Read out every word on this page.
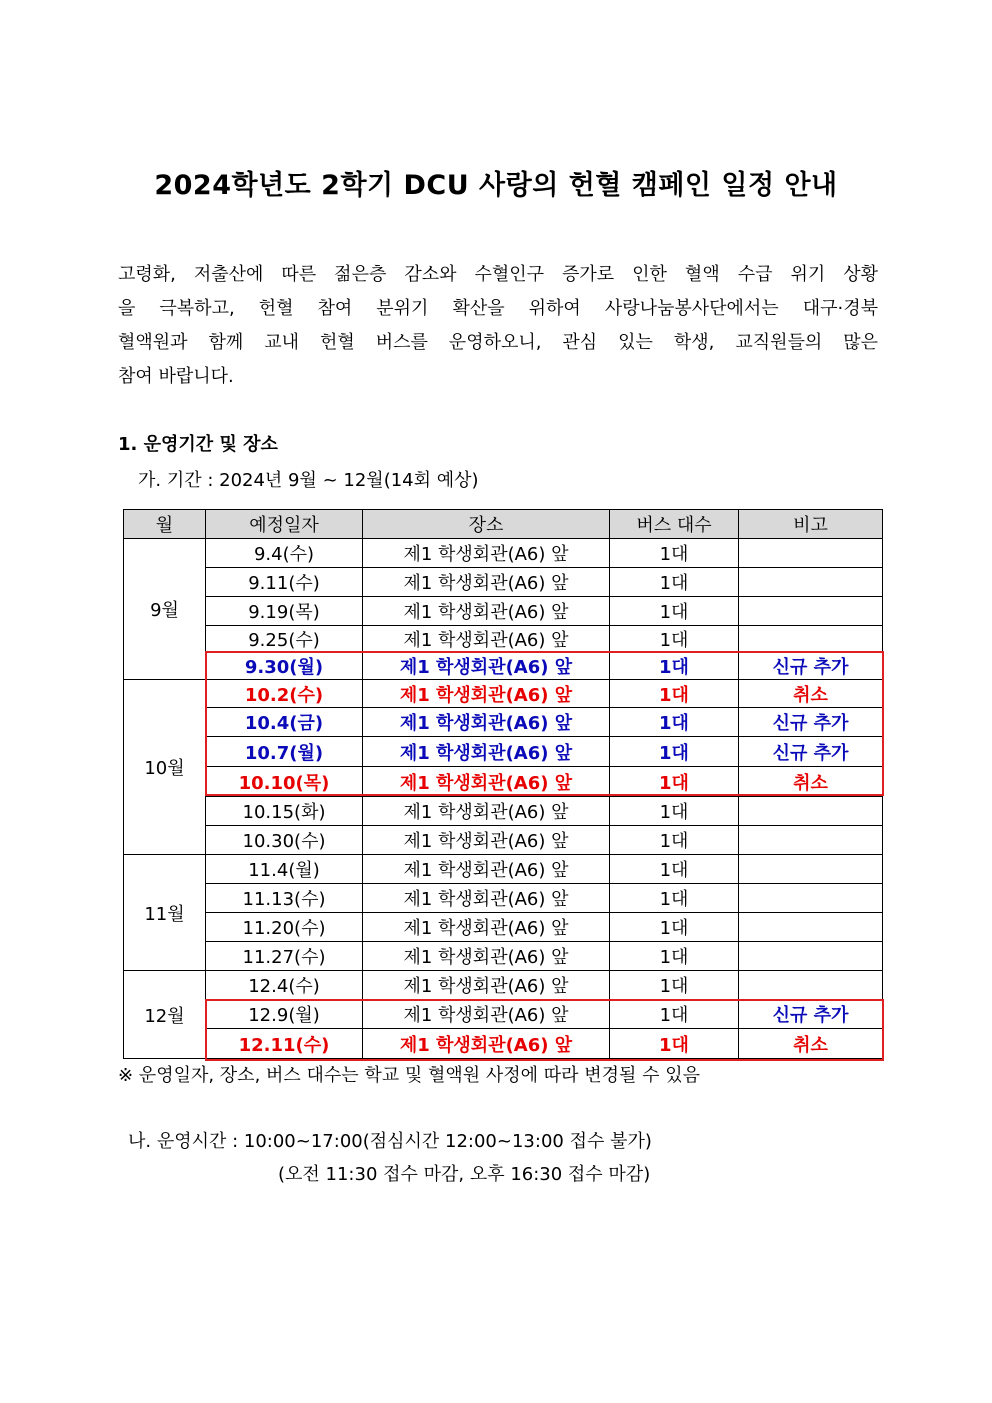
2024학년도 2학기 DCU 사랑의 헌혈 캠페인 일정 안내
고령화, 저출산에 따른 젊은층 감소와 수혈인구 증가로 인한 혈액 수급 위기 상황
을 극복하고, 헌혈 참여 분위기 확산을 위하여 사랑나눔봉사단에서는 대구·경북
혈액원과 함께 교내 헌혈 버스를 운영하오니, 관심 있는 학생, 교직원들의 많은
참여 바랍니다.
1. 운영기간 및 장소
가. 기간 : 2024년 9월 ~ 12월(14회 예상)
월	예정일자	장소	버스 대수	비고
9월	9.4(수)	제1 학생회관(A6) 앞	1대	
	9.11(수)	제1 학생회관(A6) 앞	1대	
	9.19(목)	제1 학생회관(A6) 앞	1대	
	9.25(수)	제1 학생회관(A6) 앞	1대	
	9.30(월)	제1 학생회관(A6) 앞	1대	신규 추가
10월	10.2(수)	제1 학생회관(A6) 앞	1대	취소
	10.4(금)	제1 학생회관(A6) 앞	1대	신규 추가
	10.7(월)	제1 학생회관(A6) 앞	1대	신규 추가
	10.10(목)	제1 학생회관(A6) 앞	1대	취소
	10.15(화)	제1 학생회관(A6) 앞	1대	
	10.30(수)	제1 학생회관(A6) 앞	1대	
11월	11.4(월)	제1 학생회관(A6) 앞	1대	
	11.13(수)	제1 학생회관(A6) 앞	1대	
	11.20(수)	제1 학생회관(A6) 앞	1대	
	11.27(수)	제1 학생회관(A6) 앞	1대	
12월	12.4(수)	제1 학생회관(A6) 앞	1대	
	12.9(월)	제1 학생회관(A6) 앞	1대	신규 추가
	12.11(수)	제1 학생회관(A6) 앞	1대	취소
※ 운영일자, 장소, 버스 대수는 학교 및 혈액원 사정에 따라 변경될 수 있음
나. 운영시간 : 10:00~17:00(점심시간 12:00~13:00 접수 불가)
(오전 11:30 접수 마감, 오후 16:30 접수 마감)
